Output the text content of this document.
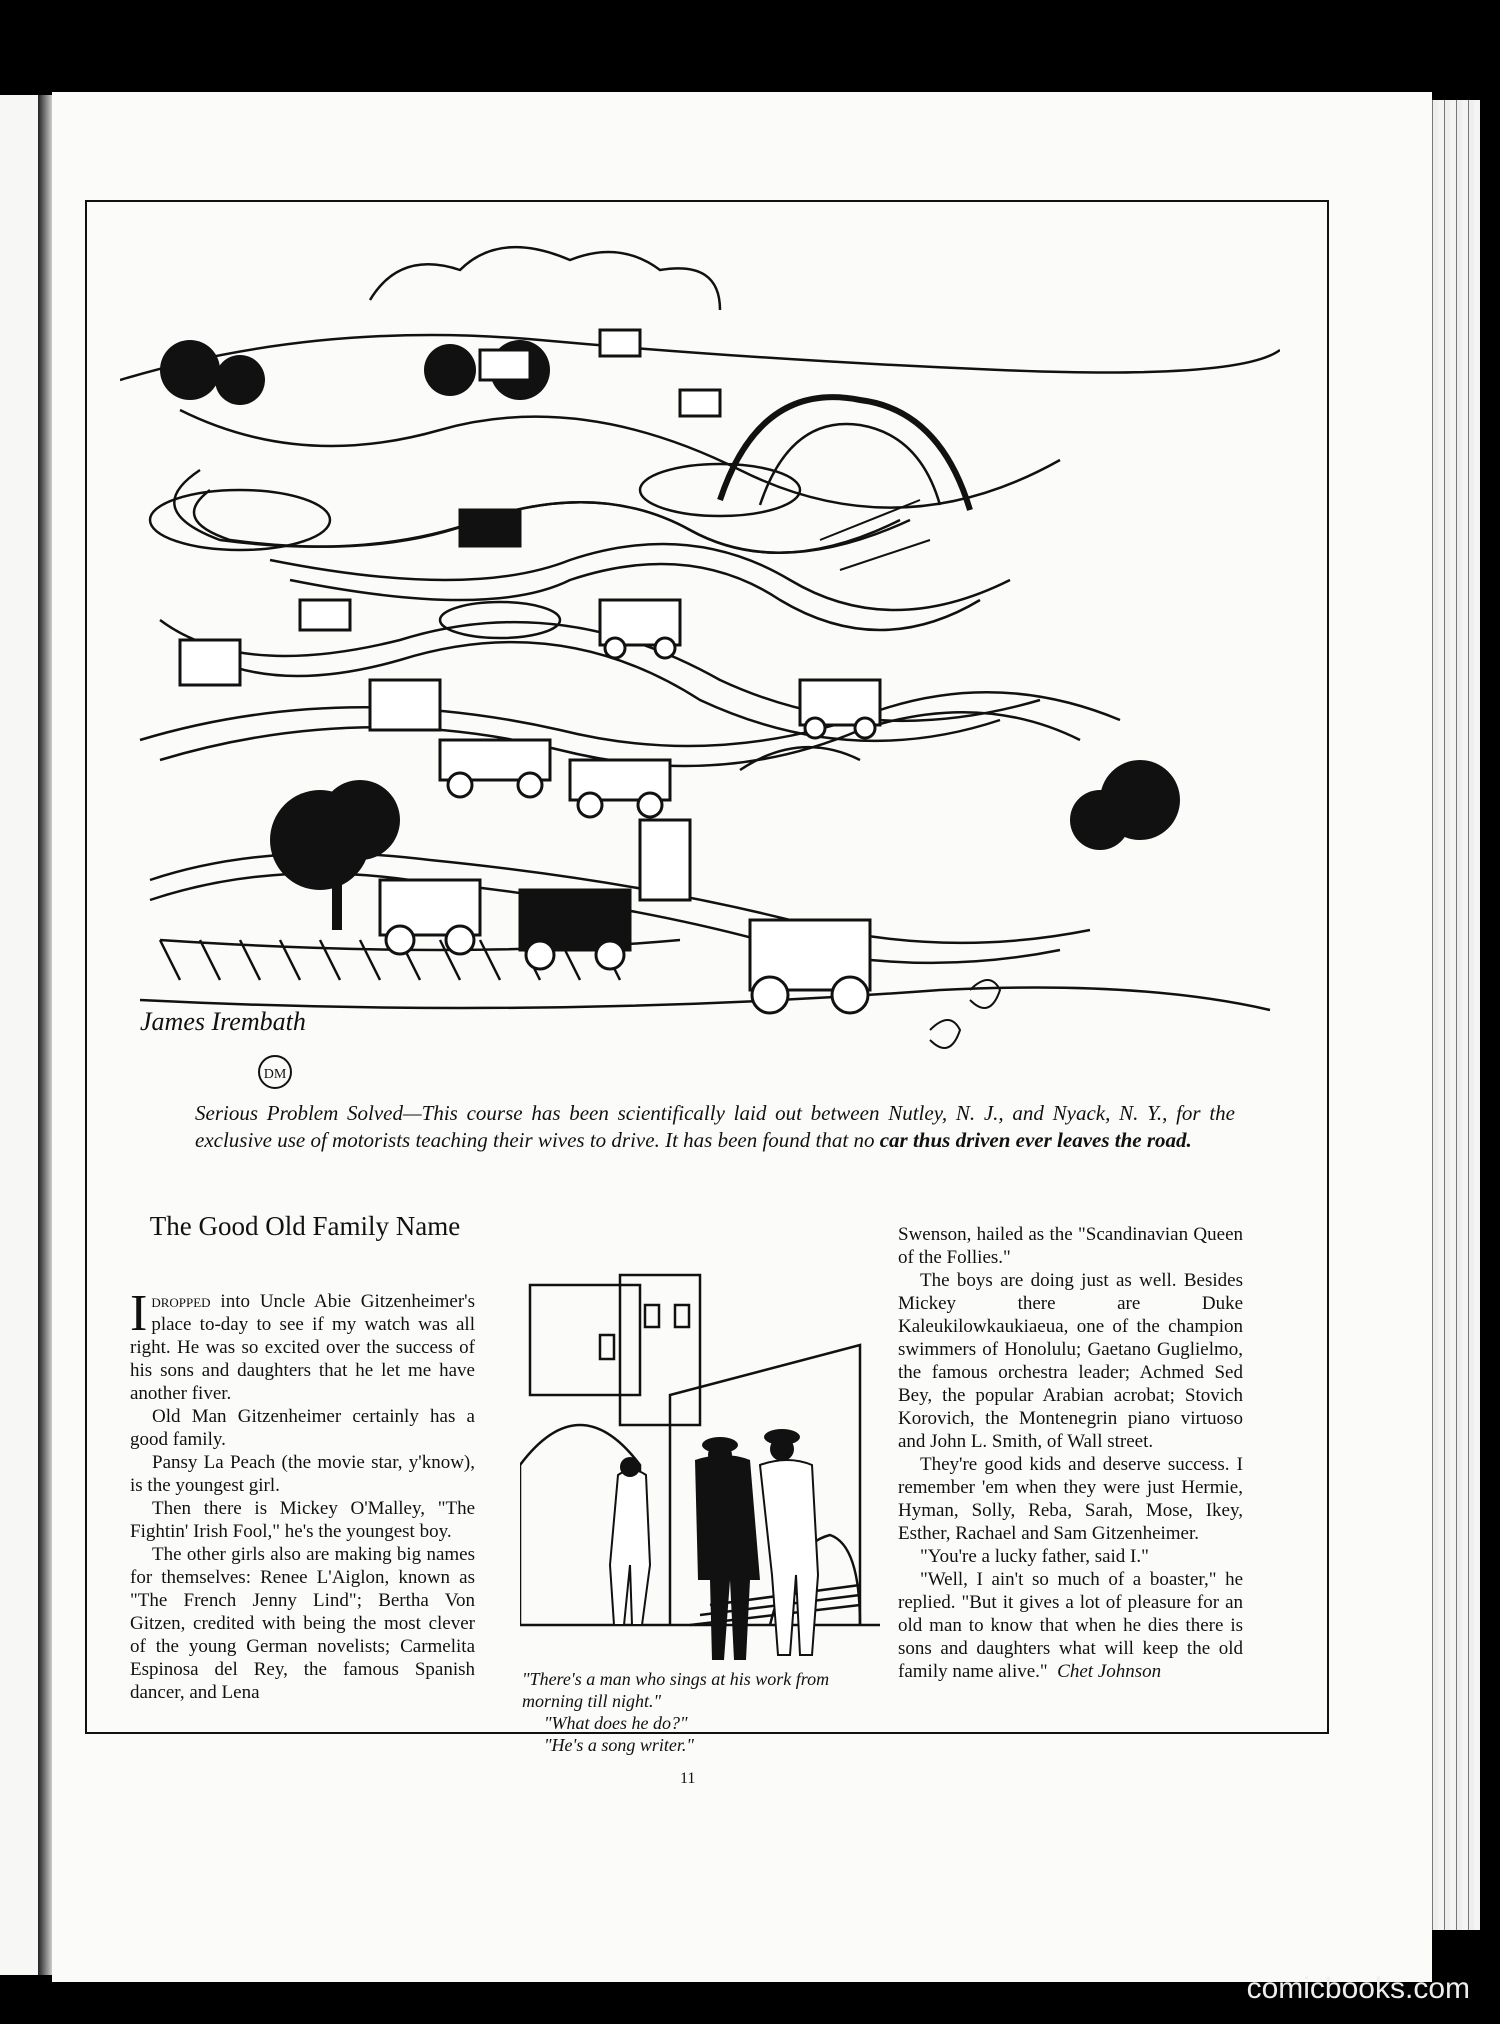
James Irembath
DM
Serious Problem Solved—This course has been scientifically laid out between Nutley, N. J., and Nyack, N. Y., for the exclusive use of motorists teaching their wives to drive. It has been found that no car thus driven ever leaves the road.
The Good Old Family Name

Idropped into Uncle Abie Gitzenheimer's place to-day to see if my watch was all right. He was so excited over the success of his sons and daughters that he let me have another fiver.

Old Man Gitzenheimer certainly has a good family.

Pansy La Peach (the movie star, y'know), is the youngest girl.

Then there is Mickey O'Malley, "The Fightin' Irish Fool," he's the youngest boy.

The other girls also are making big names for themselves: Renee L'Aiglon, known as "The French Jenny Lind"; Bertha Von Gitzen, credited with being the most clever of the young German novelists; Carmelita Espinosa del Rey, the famous Spanish dancer, and Lena

"There's a man who sings at his work from morning till night."
"What does he do?"
"He's a song writer."

Swenson, hailed as the "Scandinavian Queen of the Follies."

The boys are doing just as well. Besides Mickey there are Duke Kaleukilowkaukiaeua, one of the champion swimmers of Honolulu; Gaetano Guglielmo, the famous orchestra leader; Achmed Sed Bey, the popular Arabian acrobat; Stovich Korovich, the Montenegrin piano virtuoso and John L. Smith, of Wall street.

They're good kids and deserve success. I remember 'em when they were just Hermie, Hyman, Solly, Reba, Sarah, Mose, Ikey, Esther, Rachael and Sam Gitzenheimer.

"You're a lucky father, said I."

"Well, I ain't so much of a boaster," he replied. "But it gives a lot of pleasure for an old man to know that when he dies there is sons and daughters what will keep the old family name alive." Chet Johnson

11
comicbooks.com
